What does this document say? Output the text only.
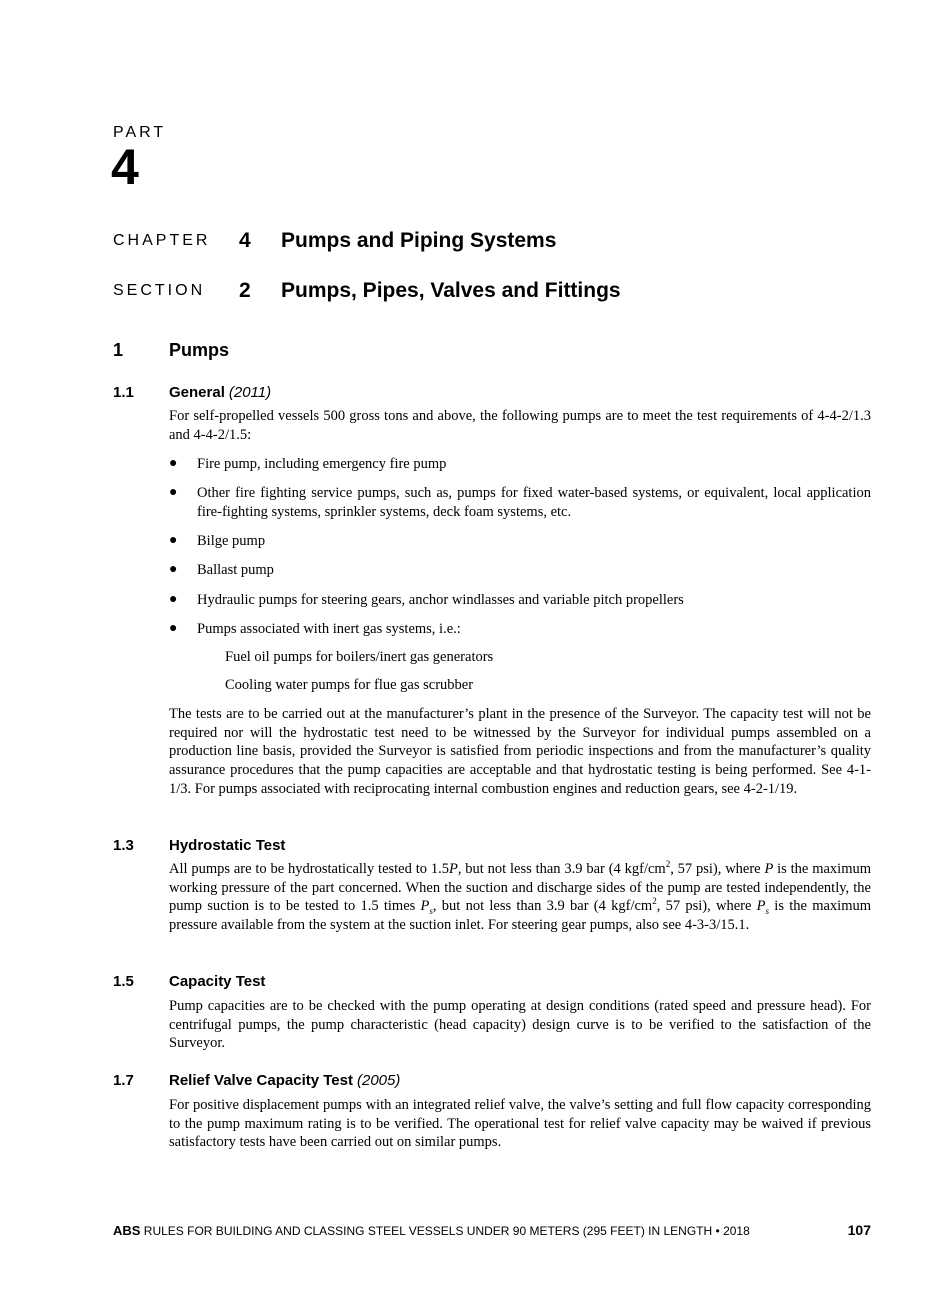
PART
4
CHAPTER	4	Pumps and Piping Systems
SECTION	2	Pumps, Pipes, Valves and Fittings
1	Pumps
1.1	General (2011)

For self-propelled vessels 500 gross tons and above, the following pumps are to meet the test requirements of 4-4-2/1.3 and 4-4-2/1.5:

●	Fire pump, including emergency fire pump
●	Other fire fighting service pumps, such as, pumps for fixed water-based systems, or equivalent, local application fire-fighting systems, sprinkler systems, deck foam systems, etc.
●	Bilge pump
●	Ballast pump
●	Hydraulic pumps for steering gears, anchor windlasses and variable pitch propellers
●	Pumps associated with inert gas systems, i.e.:
Fuel oil pumps for boilers/inert gas generators
Cooling water pumps for flue gas scrubber

The tests are to be carried out at the manufacturer’s plant in the presence of the Surveyor. The capacity test will not be required nor will the hydrostatic test need to be witnessed by the Surveyor for individual pumps assembled on a production line basis, provided the Surveyor is satisfied from periodic inspections and from the manufacturer’s quality assurance procedures that the pump capacities are acceptable and that hydrostatic testing is being performed. See 4-1-1/3. For pumps associated with reciprocating internal combustion engines and reduction gears, see 4-2-1/19.

1.3	Hydrostatic Test

All pumps are to be hydrostatically tested to 1.5P, but not less than 3.9 bar (4 kgf/$cm^2$, 57 psi), where P is the maximum working pressure of the part concerned. When the suction and discharge sides of the pump are tested independently, the pump suction is to be tested to 1.5 times $P_s$, but not less than 3.9 bar (4 kgf/$cm^2$, 57 psi), where $P_s$ is the maximum pressure available from the system at the suction inlet. For steering gear pumps, also see 4-3-3/15.1.

1.5	Capacity Test

Pump capacities are to be checked with the pump operating at design conditions (rated speed and pressure head). For centrifugal pumps, the pump characteristic (head capacity) design curve is to be verified to the satisfaction of the Surveyor.

1.7	Relief Valve Capacity Test (2005)

For positive displacement pumps with an integrated relief valve, the valve’s setting and full flow capacity corresponding to the pump maximum rating is to be verified. The operational test for relief valve capacity may be waived if previous satisfactory tests have been carried out on similar pumps.

ABS RULES FOR BUILDING AND CLASSING STEEL VESSELS UNDER 90 METERS (295 FEET) IN LENGTH • 2018	107
